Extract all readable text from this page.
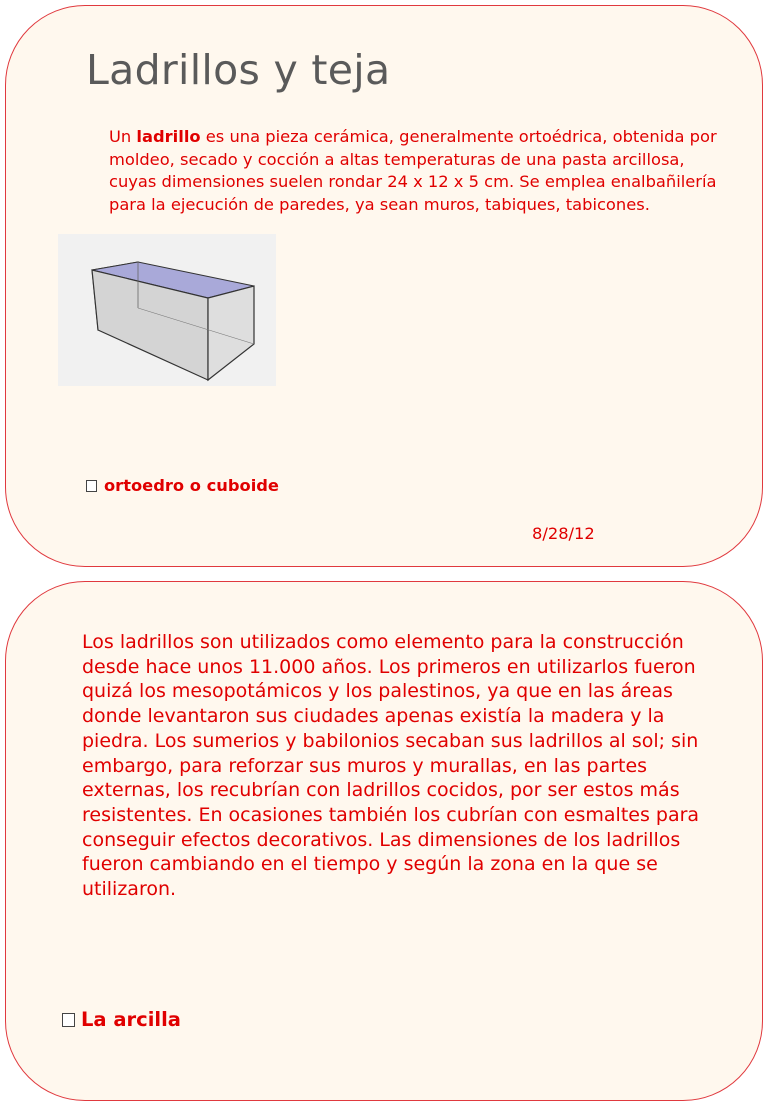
Ladrillos y teja
Un ladrillo es una pieza cerámica, generalmente ortoédrica, obtenida por moldeo, secado y cocción a altas temperaturas de una pasta arcillosa, cuyas dimensiones suelen rondar 24 x 12 x 5 cm. Se emplea enalbañilería para la ejecución de paredes, ya sean muros, tabiques, tabicones.
ortoedro o cuboide
8/28/12
Los ladrillos son utilizados como elemento para la construcción desde hace unos 11.000 años. Los primeros en utilizarlos fueron quizá los mesopotámicos y los palestinos, ya que en las áreas donde levantaron sus ciudades apenas existía la madera y la piedra. Los sumerios y babilonios secaban sus ladrillos al sol; sin embargo, para reforzar sus muros y murallas, en las partes externas, los recubrían con ladrillos cocidos, por ser estos más resistentes. En ocasiones también los cubrían con esmaltes para conseguir efectos decorativos. Las dimensiones de los ladrillos fueron cambiando en el tiempo y según la zona en la que se utilizaron.
La arcilla
